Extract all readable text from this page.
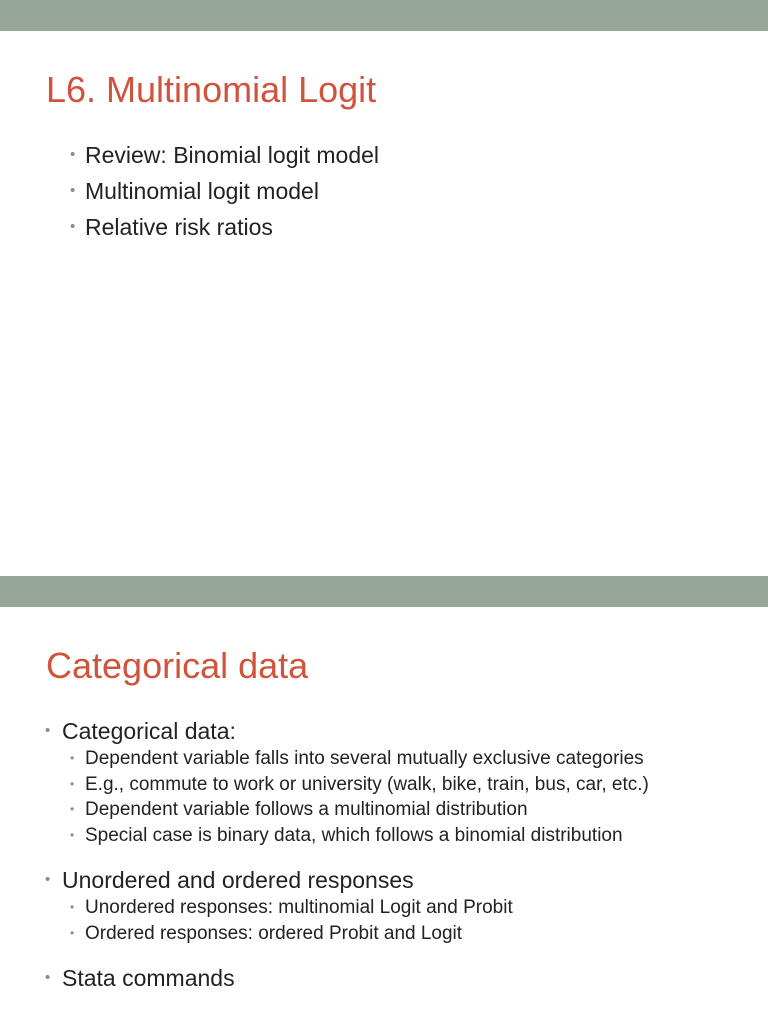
L6. Multinomial Logit
• Review: Binomial logit model
• Multinomial logit model
• Relative risk ratios
Categorical data
• Categorical data:
• Dependent variable falls into several mutually exclusive categories
• E.g., commute to work or university (walk, bike, train, bus, car, etc.)
• Dependent variable follows a multinomial distribution
• Special case is binary data, which follows a binomial distribution
• Unordered and ordered responses
• Unordered responses: multinomial Logit and Probit
• Ordered responses: ordered Probit and Logit
• Stata commands
